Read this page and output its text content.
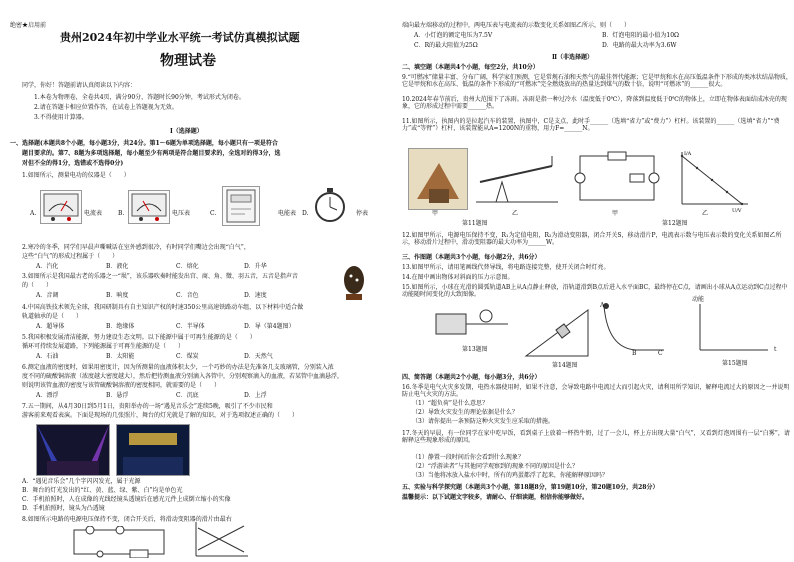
绝密★启用前
贵州2024年初中学业水平统一考试仿真模拟试题
物理试卷
同学，你好！答题前请认真阅读以下内容：
1.本卷为物理卷，全卷共4页，满分90分，答题时长90分钟，考试形式为闭卷。
2.请在答题卡相应位置作答，在试卷上答题视为无效。
3.不得使用计算器。
Ⅰ（选择题）
一、选择题(本题共8个小题，每小题3分，共24分。第1～6题为单项选择题，每小题只有一项是符合
题目要求的。第7、8题为多项选择题，每小题至少有两项是符合题目要求的，全选对的得3分，选
对但不全的得1分，选错或不选得0分)
1.如图所示，测量电功的仪器是（　　）
A.	电流表	B.	电压表	C.	电能表 D.	停表
2.寒冷的冬季，同学们早晨声嘶喊话在室外感到很冷，有时同学们嘴边会出现“白气”，
这些“白气”的形成过程属于（　　）
A．汽化	B．液化	C．熔化	D．升华
3.如图所示是我国最古老的乐器之一“埙”，该乐器吹奏时能发出宫、商、角、徵、羽五音，五音是指声音
的（　　）
A．音调	B．响度	C．音色	D．速度
4.中国高铁技术领先全球，我国研制具有自主知识产权的时速350公里高速铁路动车组，以下材料中适合做
轨道轴承的是（　　）
A．超导体	B．绝缘体	C．半导体	D．导（第4题图）
5.我国积极发展清洁能源，努力建设生态文明。以下能源中属于可再生能源的是（　　）
循环可持续发展道路，下列能源属于可再生能源的是（　　）
A．石油	B．太阳能	C．煤炭	D．天然气
6.测定血液的密度时，如果用密度计，因为所测量的血液体积太少，一个巧妙的办法是先准备几支玻璃管，分别装入浓
度不同的硫酸铜溶液（浓度越大密度越大），然后把待测血液分别滴入各管中，分别观察滴入的血液，若某管中血滴悬浮，
则说明该管血液的密度与该管硫酸铜溶液的密度相同，就需要的是（　　）
A．漂浮	B．悬浮	C．沉底	D．上浮
7.五一期间，从4月30日到5月1日，贵阳举办的一场“遇见音乐会”连续5晚，吸引了不少市民和
游客前来观看表演。下面是现场的几张照片，舞台的灯光就是了解的知识，对于选项叙述正确的（　　）
A．“遇见音乐会”几个字闪闪发光，属于光源
B．舞台的灯光发出的“红、黄、蓝、绿、紫、白”均是单色光
C．手机拍照时，人在成像的光线经镜头透镜后在感光元件上成倒立缩小的实像
D．手机拍照时，镜头为凸透镜
8.如图所示电路的电源电压保持不变，闭合开关后，将滑动变阻器的滑片由最右
端向最左端移动的过程中，两电压表与电流表的示数变化关系如图乙所示，则（　　）
A．小灯泡的额定电压为7.5V	B．灯泡电阻的最小值为10Ω
C．R的最大阻值为25Ω	D．电路的最大功率为3.6W
Ⅱ（非选择题）
二、填空题（本题共4个小题，每空2分，共10分）
9.“可燃冰”储量丰富、分布广阔，科学家们预测，它是常规石油和天然气的最佳替代能源；它是甲烷和水在高压低温条件下形成的类冰状结晶物质，它是甲烷和水在高压、低温的条件下形成的“可燃冰”完全燃烧放出的热量达到煤气的数十倍，说明“可燃冰”的______很大。
10.2024年春节前后，贵州大范围下了冻雨。冻雨是指一种过冷水（温度低于0℃），降落到温度低于0℃的物体上，立即在物体表面结成冰壳的现象，它的形成过程中需要______热。
11.如图所示，执图内的是拉起汽车的装置，执图中，C是支点，此时手______（选填“省力”或“费力”）杠杆。该装置的______（选填“省力”“费力”或“等臂”）杠杆，该装置能从A=1200N的重物，用力F=______N。
甲	乙
第11题图
U/V
I/A
甲	乙
第12题图
12.如图甲所示，电源电压保持不变，R₁为定值电阻，R₂为滑动变阻器，闭合开关S，移动滑片P，电流表示数与电压表示数的变化关系如图乙所示，移动滑片过程中，滑动变阻器的最大功率为______W。
三、作图题（本题共3个小题，每小题2分，共6分）
13.如图甲所示，请用笔画线代替导线，将电路连接完整，使开关闭合时灯亮。
14.在图中画出物体对斜面的压力示意图。
15.如图所示，小球在光滑的圆弧轨道AB上从A点静止释放，沿轨道滑到B点后进入水平面BC，最终停在C点，请画出小球从A点运动到C点过程中动能随时间变化的大致图像。
第13题图
第14题图
A
B	C
动能
t
第15题图
四、简答题（本题共2个小题，每小题3分，共6分）
16.冬季是电气火灾多发期，电热水器使用时，如果不注意，会导致电路中电流过大而引起火灾，请利用所学知识，解释电流过大的原因之一并说明防止电气火灾的方法。
（1）“超负荷”是什么意思？
（2）导致火灾发生的理论依据是什么？
（3）请你提出一条预防这种火灾发生应采取的措施。
17.冬天的早晨，有一位同学在家中吃早饭，看到桌子上放着一杯热牛奶，过了一会儿，杯上方出现大量“白气”，又看到灯泡周围有一层“白雾”，请解释这些现象形成的原因。
（1）静置一段时间后你会看到什么现象？
（2）“浮游读者”与其他同学观察到的现象不同的原因是什么？
（3）当他将冰放入盐水中时，所有的鸡蛋都浮了起来，你能解释原因吗？
五、实验与科学探究题（本题共3个小题，第18题8分，第19题10分，第20题10分，共28分）
温馨提示：以下试题文字较多，请耐心、仔细读题，相信你能够做好。
